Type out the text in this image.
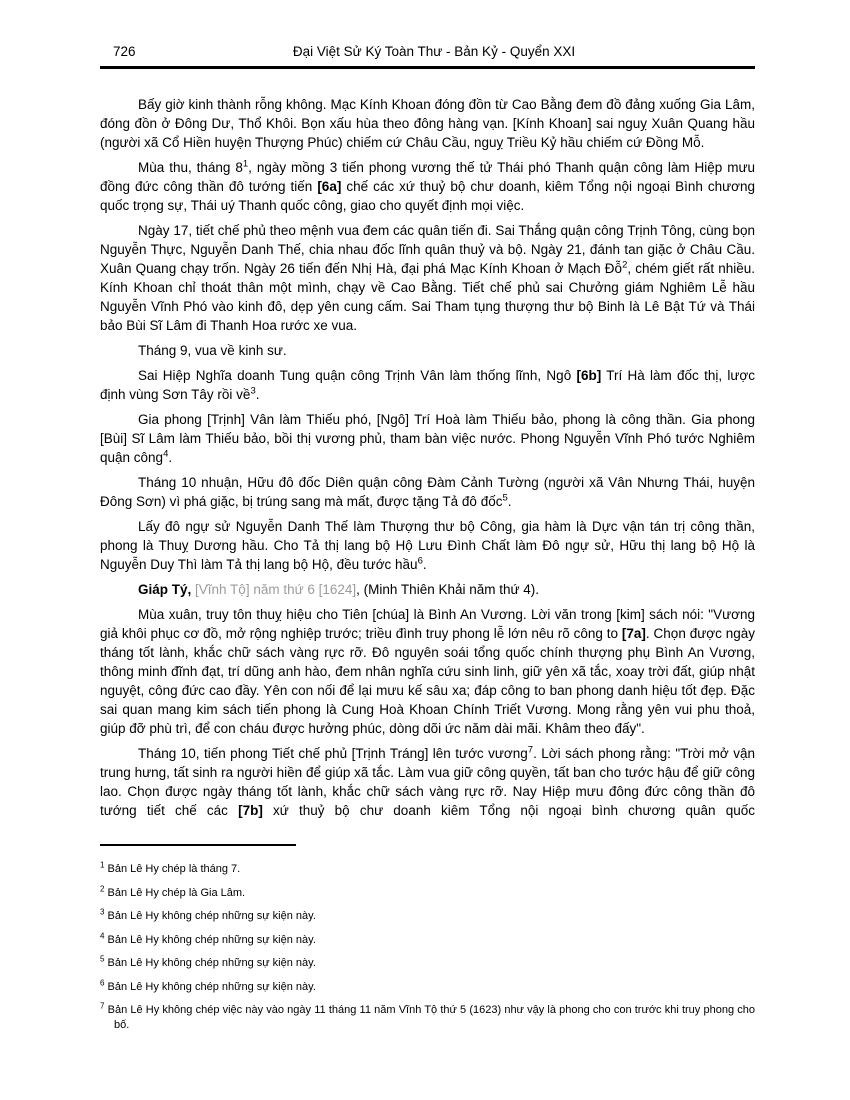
726	Đại Việt Sử Ký Toàn Thư - Bản Kỷ - Quyển XXI

Bấy giờ kinh thành rỗng không. Mạc Kính Khoan đóng đồn từ Cao Bằng đem đồ đảng xuống Gia Lâm, đóng đồn ở Đông Dư, Thổ Khôi. Bọn xấu hùa theo đông hàng vạn. [Kính Khoan] sai nguỵ Xuân Quang hầu (người xã Cổ Hiền huyện Thượng Phúc) chiếm cứ Châu Cầu, nguỵ Triều Kỷ hầu chiếm cứ Đồng Mỗ.

Mùa thu, tháng $8^1$, ngày mồng 3 tiến phong vương thế tử Thái phó Thanh quận công làm Hiệp mưu đồng đức công thần đô tướng tiến [6a] chế các xứ thuỷ bộ chư doanh, kiêm Tổng nội ngoại Bình chương quốc trọng sự, Thái uý Thanh quốc công, giao cho quyết định mọi việc.

Ngày 17, tiết chế phủ theo mệnh vua đem các quân tiến đi. Sai Thắng quận công Trịnh Tông, cùng bọn Nguyễn Thực, Nguyễn Danh Thế, chia nhau đốc lĩnh quân thuỷ và bộ. Ngày 21, đánh tan giặc ở Châu Cầu. Xuân Quang chạy trốn. Ngày 26 tiến đến Nhị Hà, đại phá Mạc Kính Khoan ở Mạch Đỗ$^2$, chém giết rất nhiều. Kính Khoan chỉ thoát thân một mình, chạy về Cao Bằng. Tiết chế phủ sai Chưởng giám Nghiêm Lễ hầu Nguyễn Vĩnh Phó vào kinh đô, dẹp yên cung cấm. Sai Tham tụng thượng thư bộ Binh là Lê Bật Tứ và Thái bảo Bùi Sĩ Lâm đi Thanh Hoa rước xe vua.

Tháng 9, vua về kinh sư.

Sai Hiệp Nghĩa doanh Tung quận công Trịnh Vân làm thống lĩnh, Ngô [6b] Trí Hà làm đốc thị, lược định vùng Sơn Tây rồi về$^3$.

Gia phong [Trịnh] Vân làm Thiếu phó, [Ngô] Trí Hoà làm Thiếu bảo, phong là công thần. Gia phong [Bùi] Sĩ Lâm làm Thiếu bảo, bồi thị vương phủ, tham bàn việc nước. Phong Nguyễn Vĩnh Phó tước Nghiêm quận công$^4$.

Tháng 10 nhuận, Hữu đô đốc Diên quận công Đàm Cảnh Tường (người xã Vân Nhưng Thái, huyện Đông Sơn) vì phá giặc, bị trúng sang mà mất, được tặng Tả đô đốc$^5$.

Lấy đô ngự sử Nguyễn Danh Thế làm Thượng thư bộ Công, gia hàm là Dực vận tán trị công thần, phong là Thuỵ Dương hầu. Cho Tả thị lang bộ Hộ Lưu Đình Chất làm Đô ngự sử, Hữu thị lang bộ Hộ là Nguyễn Duy Thì làm Tả thị lang bộ Hộ, đều tước hầu$^6$.

Giáp Tý, [Vĩnh Tộ] năm thứ 6 [1624], (Minh Thiên Khải năm thứ 4).

Mùa xuân, truy tôn thuỵ hiệu cho Tiên [chúa] là Bình An Vương. Lời văn trong [kim] sách nói: "Vương giả khôi phục cơ đồ, mở rộng nghiệp trước; triều đình truy phong lễ lớn nêu rõ công to [7a]. Chọn được ngày tháng tốt lành, khắc chữ sách vàng rực rỡ. Đô nguyên soái tổng quốc chính thượng phụ Bình An Vương, thông minh đĩnh đạt, trí dũng anh hào, đem nhân nghĩa cứu sinh linh, giữ yên xã tắc, xoay trời đất, giúp nhật nguyệt, công đức cao đầy. Yên con nối để lại mưu kế sâu xa; đáp công to ban phong danh hiệu tốt đẹp. Đặc sai quan mang kim sách tiến phong là Cung Hoà Khoan Chính Triết Vương. Mong rằng yên vui phu thoả, giúp đỡ phù trì, để con cháu được hưởng phúc, dòng dõi ức năm dài mãi. Khâm theo đấy".

Tháng 10, tiến phong Tiết chế phủ [Trịnh Tráng] lên tước vương$^7$. Lời sách phong rằng: "Trời mở vận trung hưng, tất sinh ra người hiền để giúp xã tắc. Làm vua giữ công quyền, tất ban cho tước hậu để giữ công lao. Chọn được ngày tháng tốt lành, khắc chữ sách vàng rực rỡ. Nay Hiệp mưu đông đức công thần đô tướng tiết chế các [7b] xứ thuỷ bộ chư doanh kiêm Tổng nội ngoại bình chương quân quốc

$^1$ Bản Lê Hy chép là tháng 7.
$^2$ Bản Lê Hy chép là Gia Lâm.
$^3$ Bản Lê Hy không chép những sự kiện này.
$^4$ Bản Lê Hy không chép những sự kiện này.
$^5$ Bản Lê Hy không chép những sự kiện này.
$^6$ Bản Lê Hy không chép những sự kiện này.
$^7$ Bản Lê Hy không chép việc này vào ngày 11 tháng 11 năm Vĩnh Tộ thứ 5 (1623) như vậy là phong cho con trước khi truy phong cho bố.
